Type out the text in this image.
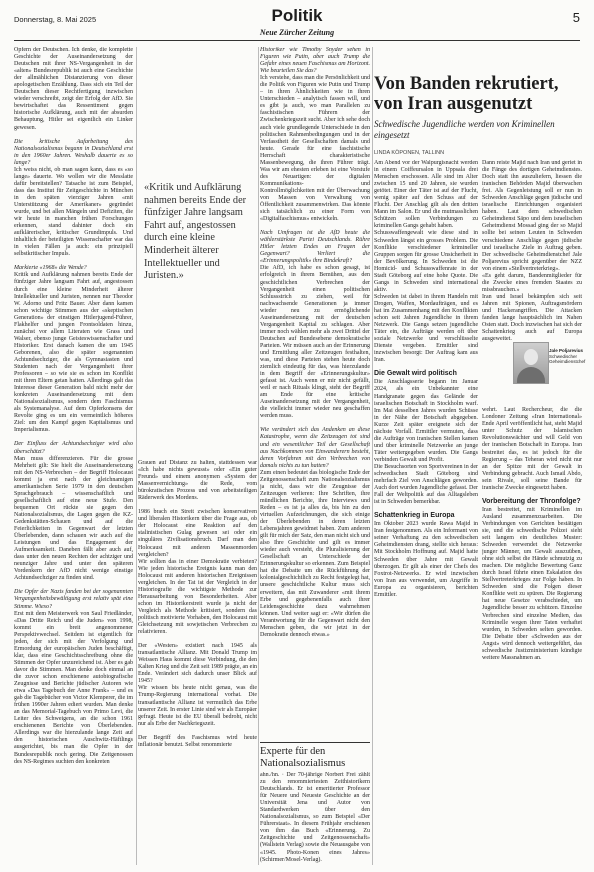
Donnerstag, 8. Mai 2025	Politik
Neue Zürcher Zeitung
5

Opfern der Deutschen. Ich denke, die komplette Geschichte der Auseinandersetzung der Deutschen mit ihrer NS-Vergangenheit in der «alten» Bundesrepublik ist auch eine Geschichte der allmählichen Distanzierung von dieser apologetischen Erzählung. Dass sich ein Teil der Deutschen dieser Rechtfertigung inzwischen wieder verschreibt, zeigt der Erfolg der AfD. Sie bewirtschaftet das Ressentiment gegen historische Aufklärung, auch mit der absurden Behauptung, Hitler sei eigentlich ein Linker gewesen.

Die kritische Aufarbeitung des Nationalsozialismus begann in Deutschland erst in den 1960er Jahren. Weshalb dauerte es so lange?

Ich weiss nicht, ob man sagen kann, dass es «so lange» dauerte. Wo wollen wir die Messlatte dafür bereitstellen? Tatsache ist zum Beispiel, dass das Institut für Zeitgeschichte in München in den späten vierziger Jahren «mit Unterstützung der Amerikaner» gegründet wurde, und bei allen Mängeln und Defiziten, die wir heute in manchen frühen Forschungen erkennen, stand dahinter doch ein aufklärerischer, kritischer Grundimpuls. Und inhaltlich der beteiligten Wissenschafter war das in vielen Fällen ja auch: ein prinzipiell selbstkritischer Impuls.

Markierte «1968» die Wende?

Kritik und Aufklärung nahmen bereits Ende der fünfziger Jahre langsam Fahrt auf, angestossen durch eine kleine Minderheit älterer Intellektueller und Juristen, nennen nur Theodor W. Adorno und Fritz Bauer. Aber dann kamen schon wichtige Stimmen aus der «skeptischen Generation» der einstigen Hitlerjugend-Führer, Flakhelfer und jungen Frontsoldaten hinzu, zunächst vor allem Literaten wie Grass und Walser, ebenso junge Geisteswissenschafter und Historiker. Erst danach kamen die um 1945 Geborenen, also die später sogenannten Achtundsechziger, die als Gymnasiasten und Studenten nach der Vergangenheit ihrer Professoren – so wie sie es schon im Konflikt mit ihren Eltern getan hatten. Allerdings galt das Interesse dieser Generation bald nicht mehr der konkreten Auseinandersetzung mit dem Nationalsozialismus, sondern dem Faschismus als Systemanalyse. Auf dem Opferkonsens der Revolte ging es um ein vermeintlich höheres Ziel: um den Kampf gegen Kapitalismus und Imperialismus.

Der Einfluss der Achtundsechziger wird also überschätzt?

Man muss differenzieren. Für die grosse Mehrheit gilt: Sie hielt die Auseinandersetzung mit den NS-Verbrechen – der Begriff Holocaust kommt ja erst nach der gleichnamigen amerikanischen Serie 1979 in den deutschen Sprachgebrauch – wissenschaftlich und gesellschaftlich auf eine neue Stufe. Den bequemen Ort rückte sie gegen den Nationalsozialismus, die Lagen gegen die KZ-Gedenkstätten-Schauen und auf die Feierlichkeiten in Gegenwart der letzten Überlebenden, dann schauen wir auch auf die Leistungen und das Engagement der Aufmerksamkeit. Daneben fällt aber auch auf, dass unter den neuen Rechten der achtziger und neunziger Jahre und unter den späteren Vordenkern der AfD nicht wenige einstige Achtundsechziger zu finden sind.

Die Opfer der Nazis fanden bei der sogenannten Vergangenheitsbewältigung erst relativ spät eine Stimme. Wieso?

Erst mit dem Meisterwerk von Saul Friedländer, «Das Dritte Reich und die Juden» von 1998, kommt ein breit angenommener Perspektivwechsel. Seitdem ist eigentlich für jeden, der sich mit der Verfolgung und Ermordung der europäischen Juden beschäftigt, klar, dass eine Geschichtsschreibung ohne die Stimmen der Opfer unzureichend ist. Aber es gab davor die Stimmen. Man denke doch einmal an die zuvor schon erschienene autobiografische Zeugnisse und Berichte jüdischer Autoren wie etwa «Das Tagebuch der Anne Frank» – und es gab die Tagebücher von Victor Klemperer, die im frühen 1990er Jahren ediert wurden. Man denke an das Memorial-Tagebuch von Primo Levi, die Leiter des Schweigens, an die schon 1961 erschienenen Berichte von Überlebenden. Allerdings war die hierzulande lange Zeit auf den historischen Auschwitz-Häftlings ausgerichtet, bis man die Opfer in der Bundesrepublik noch gering. Die Zeitgenossen des NS-Regimes suchten den konkreten

«Kritik und Aufklärung nahmen bereits Ende der fünfziger Jahre langsam Fahrt auf, angestossen durch eine kleine Minderheit älterer Intellektueller und Juristen.»

Grauen auf Distanz zu halten, stattdessen war «Ich habe nichts gewusst» oder «Ein guter Freund» und einem anonymen «System der Massenvernichtung» die Rede, vom bürokratischen Prozess und von arbeitsteiligen Räderwerk des Mordens.

1986 brach ein Streit zwischen konservativen und liberalen Historikern über die Frage aus, ob der Holocaust eine Reaktion auf den stalinistischen Gulag gewesen sei oder ein singuläres Zivilisationsbruch. Darf man den Holocaust mit anderen Massenmorden vergleichen?

Wir sollten das in einer Demokratie verbieten? Wie jeden historische Ereignis kann man den Holocaust mit anderen historischen Ereignissen vergleichen. In der Tat ist der Vergleich in der Historiografie die wichtigste Methode zur Herausarbeitung von Besonderheiten. Aber schon im Historikerstreit wurde ja nicht der Vergleich als Methode kritisiert, sondern das politisch motivierte Vorhaben, den Holocaust mit Gleichsetzung mit sowjetischen Verbrechen zu relativieren.

Der «Westen» existiert nach 1945 als transatlantische Allianz. Mit Donald Trump im Weissen Haus kommt diese Verbindung, die den Kalten Krieg und die Zeit seit 1989 prägte, an ein Ende. Verändert sich dadurch unser Blick auf 1945?

Wir wissen bis heute nicht genau, was die Trump-Regierung international vorhat. Die transatlantische Allianz ist vermutlich das Erbe unserer Zeit. In erster Linie sind wir als Europäer gefragt. Heute ist die EU überall bedroht, nicht nur als Erbe der Nachkriegszeit.

Der Begriff des Faschismus wird heute inflationär benutzt. Selbst renommierte

Historiker wie Timothy Snyder sehen in Figuren wie Putin, aber auch Trump die Gefahr eines neuen Faschismus am Horizont. Wie beurteilen Sie das?

Ich verstehe, dass man die Persönlichkeit und die Politik von Figuren wie Putin und Trump – in ihren Ähnlichkeiten wie in ihren Unterschieden – analytisch fassen will, und es gibt ja auch, wo man Parallelen zu faschistischen Führern der Zwischenkriegszeit sucht. Aber ich sehe doch auch viele grundlegende Unterschiede in den politischen Rahmenbedingungen und in der Verfasstheit der Gesellschaften damals und heute. Gerade für eine faschistische Herrschaft charakteristische Massenbewegung, die ihren Führer trägt. Was wir am ehesten erleben ist eine Vorstufe des Neuartigen: der digitalen Kommunikations- und Kontrollmöglichkeiten mit der Überwachung von Massen von Verwaltung von Öffentlichkeit zusammenwirken. Das könnte sich tatsächlich zu einer Form von «Digitalfaschismus» entwickeln.

Nach Umfragen ist die AfD heute die wählerstärkste Partei Deutschlands. Rühre Hitler letzten Endes an Fragen der Gegenwart? Verliert die «Erinnerungspolitik» ihre Bindekraft?

Die AfD, ich habe es schon gesagt, ist erfolgreich in ihrem Bemühen, aus den geschichtlichen Verbrechen der Vergangenheit einen politischen Schlussstrich zu ziehen, weil für nachwachsende Generationen ja immer wieder neu zu ermöglichende Auseinandersetzung mit der deutschen Vergangenheit Kapital zu schlagen. Aber immer noch wählen mehr als zwei Drittel der Deutschen auf Bundesebene demokratische Parteien. Wir müssen auch an der Erinnerung und Ermittlung aller Zeitzeugen festhalten, was, und diese Parteien stehen heute doch ziemlich eindeutig für das, was hierzulande in dem Begriff der «Erinnerungskultur» gefasst ist. Auch wenn er mir nicht gefällt, weil er nach Rituals klingt, steht der Begriff am Ende für eine kritische Auseinandersetzung mit der Vergangenheit, die vielleicht immer wieder neu geschaffen werden muss.

Wie verändert sich das Andenken an diese Katastrophe, wenn die Zeitzeugen tot sind und ein wesentlicher Teil der Gesellschaft aus Nachkommen von Einwanderern besteht, deren Vorfahren mit den Verbrechen von damals nichts zu tun hatten?

Zum einen bedeutet das biologische Ende der Zeitgenossenschaft zum Nationalsozialismus ja nicht, dass wir die Zeugnisse der Zeitzeugen verlieren: Ihre Schriften, ihre mündlichen Berichte, ihre Interviews und Reden – es ist ja alles da, bis hin zu den virtuellen Aufzeichnungen, die sich einige der Überlebenden in deren letzten Lebensjahren gewidmet haben. Zum anderen gilt für mich der Satz, den man nicht sich und also Ihre Geschichte und gilt es immer wieder auch versteht, die Pluralisierung der Gesellschaft an Unterschiede der Erinnerungskultur so erkennen. Zum Beispiel hat die Debatte um die Rückführung der kolonialgeschichtlich zu Recht festgelegt hat, unsere geschichtliche Kultur muss sich erweitern, das mit Zuwanderer «mit ihrem Erbe und gegebenenfalls auch ihrer Leidensgeschichte dazu wahrnehmen können. Und weiter sagt er: «Wir dürfen die Verantwortung für die Gegenwart nicht den Menschen geben, die wir jetzt in der Demokratie dennoch etwas.»

Experte für den Nationalsozialismus
ahn./hn. · Der 70-jährige Norbert Frei zählt zu den renommiertesten Zeithistorikern Deutschlands. Er ist emeritierter Professor für Neuere und Neueste Geschichte an der Universität Jena und Autor von Standardwerken über den Nationalsozialismus, so zum Beispiel «Der Führerstaat». In diesem Frühjahr erschienen von ihm das Buch «Erinnerung. Zu Zeitgeschichte und Zeitgenossenschaft» (Wallstein Verlag) sowie die Neuausgabe von «1945. Photo-Konen eines Jahres» (Schirmer/Mosel-Verlag).
Von Banden rekrutiert, von Iran ausgenutzt
Schwedische Jugendliche werden von Kriminellen eingesetzt
LINDA KÖPONEN, TALLINN

Am Abend vor der Walpurgisnacht werden in einem Coiffeursalon in Uppsala drei Menschen erschossen. Alle sind im Alter zwischen 15 und 20 Jahren, sie wurden getötet. Einer der Täter ist auf der Flucht, wenig später auf den Schuss auf der Flucht. Der Anschlag gilt als den dritten Mann im Salon. Er und die mutmasslichen Schützen sollen Verbindungen zu kriminellen Gangs gehabt haben.

Schusswaffengewalt wie diese sind in Schweden längst ein grosses Problem. Die Konflikte verschiedener krimineller Gruppen sorgen für grosse Unsicherheit in der Bevölkerung. In Schweden ist die Homicid- und Schusswaffenrate in der Stadt Göteborg auf eine hohe Quote. Die Gangs in Schweden sind international aktiv.

Schweden ist dabei in ihrem Handeln mit Drogen, Waffen, Mordaufträgen, und es hat im Zusammenhang mit den Konflikten schon seit Jahren Jugendliche in ihrem Netzwerk. Die Gangs setzen jugendliche Täter ein, die Aufträge werden oft über soziale Netzwerke und verschlüsselte Dienste vergeben. Ermittler sind inzwischen besorgt: Der Auftrag kam aus Iran.

Die Gewalt wird politisch

Die Anschlagsserie begann im Januar 2024, als ein Unbekannter eine Handgranate gegen das Gelände der israelischen Botschaft in Stockholm warf. Im Mai desselben Jahres wurden Schüsse in der Nähe der Botschaft abgegeben. Kurze Zeit später ereignete sich der nächste Vorfall. Ermittler vermuten, dass die Aufträge von iranischen Stellen kamen und über kriminelle Netzwerke an junge Täter weitergegeben wurden. Die Gangs verbinden Gewalt und Profit.

Die Besuchsorten von Sportvereinen in der schwedischen Stadt Göteborg sind mehrfach Ziel von Anschlägen geworden. Auch dort wurden Jugendliche gefasst. Der Fall der Weltpolitik auf das Alltagsleben ist in Schweden bemerkbar.

Schattenkrieg in Europa

Im Oktober 2023 wurde Rawa Majid in Iran festgenommen. Als ein Informant von seiner Verhaftung zu den schwedischen Geheimdiensten drang, stellte sich heraus: Mit Stockholm Hoffnung auf. Majid hatte Schweden über Jahre mit Gewalt überzogen. Er gilt als einer der Chefs des Foxtrot-Netzwerks. Er wird inzwischen von Iran aus verwendet, um Angriffe in Europa zu organisieren, berichten Ermittler.

Jale Poljarevius
Schwedischer Geheimdienstchef

Dann reiste Majid nach Iran und geriet in die Fänge des dortigen Geheimdienstes. Doch statt ihn auszuliefern, liessen die iranischen Behörden Majid überwachen frei. Als Gegenleistung soll er nun in Schweden Anschläge gegen jüdische und israelische Einrichtungen organisiert haben. Laut dem schwedischen Geheimdienst Säpo und dem israelischen Geheimdienst Mossad ging der so Majid sollte bei seinen Leuten in Schweden verschiedene Anschläge gegen jüdische und israelische Ziele in Auftrag geben. Der schwedische Geheimdienstchef Jale Poljarevius spricht gegenüber der NZZ von einem «Stellvertreterkrieg».

«Es geht darum, Bandenmitglieder für die Zwecke eines fremden Staates zu missbrauchen.»

Iran und Israel bekämpfen sich seit Jahren mit Spionen, Auftragsmördern und Hackerangriffen. Die Attacken fanden lange hauptsächlich im Nahen Osten statt. Doch inzwischen hat sich der Schattenkrieg auch auf Europa ausgeweitet.

wehrt. Laut Rechercheur, die die Londoner Zeitung «Iran International» Ende April veröffentlicht hat, steht Majid unter Schutz der Islamischen Revolutionswächter und will Geld von der iranischen Botschaft in Europa. Iran bestreitet das, es ist jedoch für die Regierung – das Teheran wird nicht nur an der Spitze mit der Gewalt in Verbindung gebracht. Auch Ismail Abdo, sein Rivale, soll seine Bande für iranische Zwecke eingesetzt haben.

Vorbereitung der Thronfolge?

Iran bestreitet, mit Kriminellen im Ausland zusammenzuarbeiten. Die Verbindungen von Gerichten bestätigen sie, und die schwedische Polizei sieht seit langem ein deutliches Muster: Schweden verwendet die Netzwerke junger Männer, um Gewalt auszuüben, ohne sich selbst die Hände schmutzig zu machen. Die mögliche Bewertung Ganz durch Israel führte einen Eskalation des Stellvertreterkrieges zur Folge haben. In Schweden sind die Folgen dieser Konflikte weit zu spüren. Die Regierung hat neue Gesetze verabschiedet, um Jugendliche besser zu schützen. Einzelne Verbrechen sind einzelne Medien, das Kriminelle wegen ihrer Taten verhaftet wurden, in Schweden selten geworden. Die Debatte über «Schweden aus der Angst» wird dennoch weitergeführt, das schwedische Justizministerium kündigte weitere Massnahmen an.
